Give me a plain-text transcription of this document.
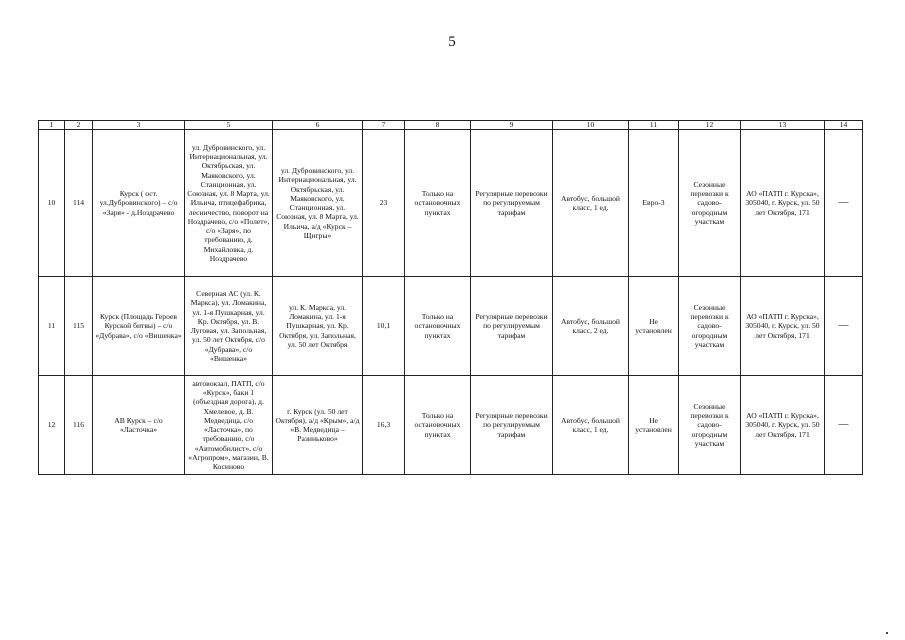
5
1	2	3	5	6	7	8	9	10	11	12	13	14
10	114	Курск ( ост. ул.Дубровинского) – с/о «Заря» - д.Ноздрачево	ул. Дубровинского, ул. Интернациональная, ул. Октябрьская, ул. Маяковского, ул. Станционная, ул. Союзная, ул. 8 Марта, ул. Ильича, птицефабрика, лесничество, поворот на Ноздрачево, с/о «Полет», с/о «Заря», по требованию, д. Михайловка, д. Ноздрачево	ул. Дубровинского, ул. Интернациональная, ул. Октябрьская, ул. Маяковского, ул. Станционная, ул. Союзная, ул. 8 Марта, ул. Ильича, а/д «Курск – Щигры»	23	Только на остановочных пунктах	Регулярные перевозки по регулируемым тарифам	Автобус, большой класс, 1 ед.	Евро-3	Сезонные перевозки к садово-огородным участкам	АО «ПАТП г. Курска», 305040, г. Курск, ул. 50 лет Октября, 171	—
11	115	Курск (Площадь Героев Курской битвы) – с/о «Дубрава», с/о «Вишенка»	Северная АС (ул. К. Маркса), ул. Ломакина, ул. 1-я Пушкарная, ул. Кр. Октября, ул. В. Луговая, ул. Запольная, ул. 50 лет Октября, с/о «Дубрава», с/о «Вишенка»	ул. К. Маркса, ул. Ломакина, ул. 1-я Пушкарная, ул. Кр. Октября, ул. Запольная, ул. 50 лет Октября	10,1	Только на остановочных пунктах	Регулярные перевозки по регулируемым тарифам	Автобус, большой класс, 2 ед.	Не установлен	Сезонные перевозки к садово-огородным участкам	АО «ПАТП г. Курска», 305040, г. Курск, ул. 50 лет Октября, 171	—
12	116	АВ Курск – с/о «Ласточка»	автовокзал, ПАТП, с/о «Курск», баки 1 (объездная дорога), д. Хмелевое, д. В. Медведица, с/о «Ласточка», по требованию, с/о «Автомобилист», с/о «Агропром», магазин, В. Косиново	г. Курск (ул. 50 лет Октября), а/д «Крым», а/д «В. Медведица – Разиньково»	16,3	Только на остановочных пунктах	Регулярные перевозки по регулируемым тарифам	Автобус, большой класс, 1 ед.	Не установлен	Сезонные перевозки к садово-огородным участкам	АО «ПАТП г. Курска», 305040, г. Курск, ул. 50 лет Октября, 171	—
